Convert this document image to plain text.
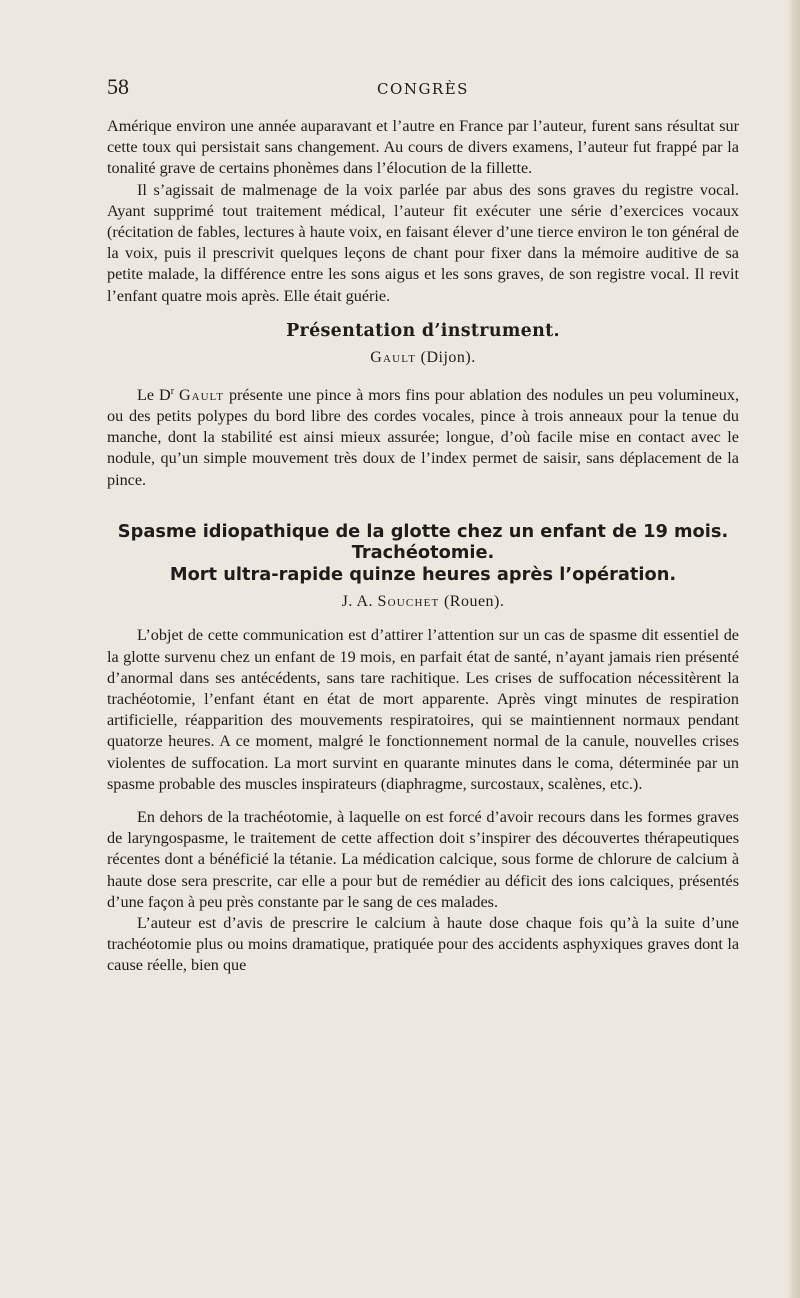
58	CONGRÈS

Amérique environ une année auparavant et l’autre en France par l’auteur, furent sans résultat sur cette toux qui persistait sans changement. Au cours de divers examens, l’auteur fut frappé par la tonalité grave de certains phonèmes dans l’élocution de la fillette.

Il s’agissait de malmenage de la voix parlée par abus des sons graves du registre vocal. Ayant supprimé tout traitement médical, l’auteur fit exécuter une série d’exercices vocaux (récitation de fables, lectures à haute voix, en faisant élever d’une tierce environ le ton général de la voix, puis il prescrivit quelques leçons de chant pour fixer dans la mémoire auditive de sa petite malade, la différence entre les sons aigus et les sons graves, de son registre vocal. Il revit l’enfant quatre mois après. Elle était guérie.

Présentation d’instrument.
Gault (Dijon).

Le $D^r$ Gault présente une pince à mors fins pour ablation des nodules un peu volumineux, ou des petits polypes du bord libre des cordes vocales, pince à trois anneaux pour la tenue du manche, dont la stabilité est ainsi mieux assurée; longue, d’où facile mise en contact avec le nodule, qu’un simple mouvement très doux de l’index permet de saisir, sans déplacement de la pince.

Spasme idiopathique de la glotte chez un enfant de 19 mois.
Trachéotomie.
Mort ultra-rapide quinze heures après l’opération.
J. A. Souchet (Rouen).

L’objet de cette communication est d’attirer l’attention sur un cas de spasme dit essentiel de la glotte survenu chez un enfant de 19 mois, en parfait état de santé, n’ayant jamais rien présenté d’anormal dans ses antécédents, sans tare rachitique. Les crises de suffocation nécessitèrent la trachéotomie, l’enfant étant en état de mort apparente. Après vingt minutes de respiration artificielle, réapparition des mouvements respiratoires, qui se maintiennent normaux pendant quatorze heures. A ce moment, malgré le fonctionnement normal de la canule, nouvelles crises violentes de suffocation. La mort survint en quarante minutes dans le coma, déterminée par un spasme probable des muscles inspirateurs (diaphragme, surcostaux, scalènes, etc.).

En dehors de la trachéotomie, à laquelle on est forcé d’avoir recours dans les formes graves de laryngospasme, le traitement de cette affection doit s’inspirer des découvertes thérapeutiques récentes dont a bénéficié la tétanie. La médication calcique, sous forme de chlorure de calcium à haute dose sera prescrite, car elle a pour but de remédier au déficit des ions calciques, présentés d’une façon à peu près constante par le sang de ces malades.

L’auteur est d’avis de prescrire le calcium à haute dose chaque fois qu’à la suite d’une trachéotomie plus ou moins dramatique, pratiquée pour des accidents asphyxiques graves dont la cause réelle, bien que
